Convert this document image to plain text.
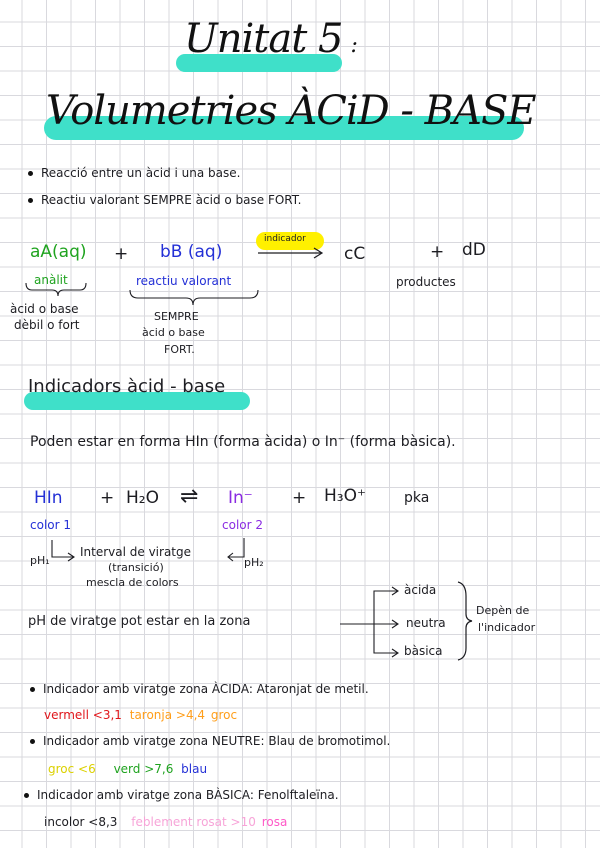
Unitat 5 :
Volumetries ÀCiD - BASE
Reacció entre un àcid i una base.
Reactiu valorant SEMPRE àcid o base FORT.
aA(aq) + bB (aq)
indicador
cC	+ dD
anàlit
àcid o base
dèbil o fort
reactiu valorant
SEMPRE
àcid o base
FORT.
productes
Indicadors àcid - base
Poden estar en forma HIn (forma àcida) o In⁻ (forma bàsica).
HIn + H₂O ⇌ In⁻ + H₃O⁺	pka
color 1	color 2
pH₁	pH₂
Interval de viratge
(transició)
mescla de colors
pH de viratge pot estar en la zona
àcida
neutra
bàsica
Depèn de
l'indicador
Indicador amb viratge zona ÀCIDA: Ataronjat de metil.
vermell <3,1 taronja >4,4 groc
Indicador amb viratge zona NEUTRE: Blau de bromotimol.
groc <6 verd >7,6 blau
Indicador amb viratge zona BÀSICA: Fenolftaleïna.
incolor <8,3 feblement rosat >10 rosa
